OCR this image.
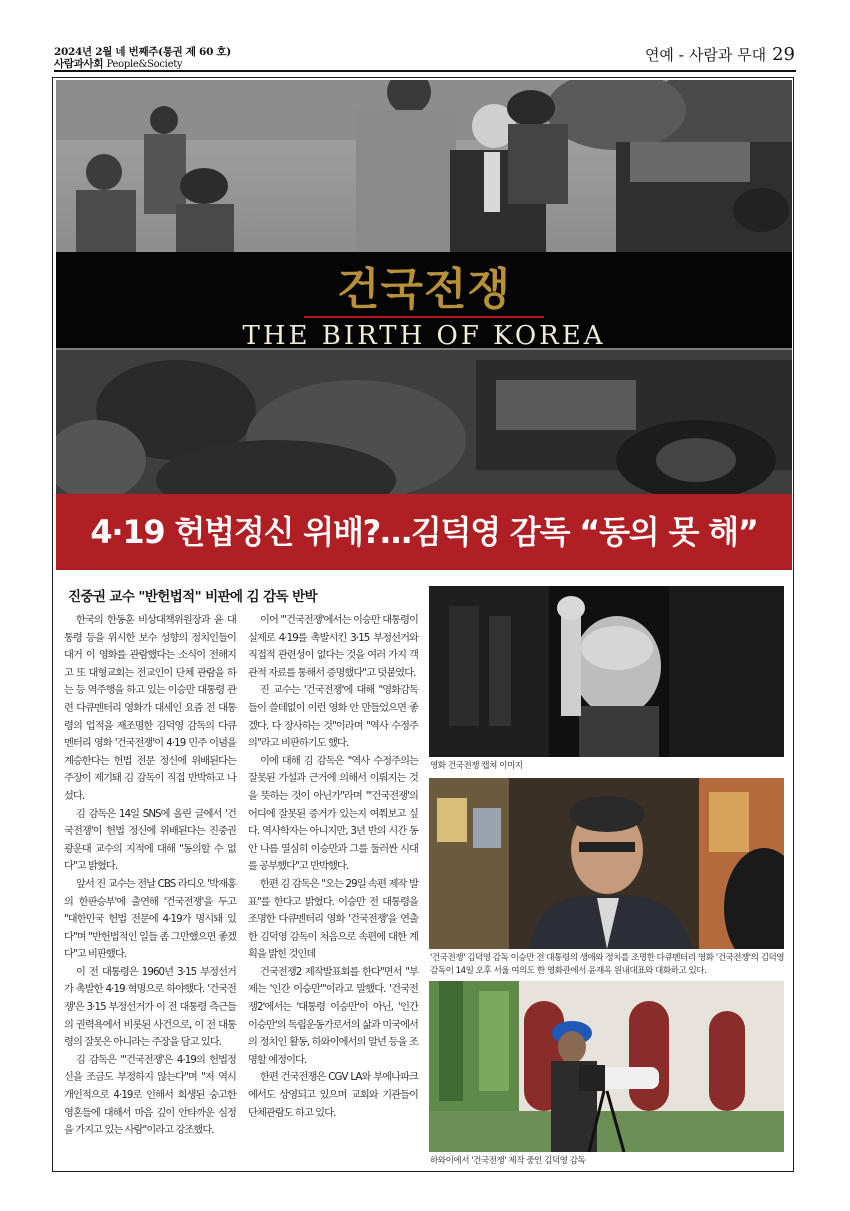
2024년 2월 네 번째주(통권 제 60 호)
사람과사회 People&Society
연예 - 사람과 무대 29
건국전쟁
THE BIRTH OF KOREA
4·19 헌법정신 위배?…김덕영 감독 “동의 못 해”
진중권 교수 "반헌법적" 비판에 김 감독 반박

한국의 한동훈 비상대책위원장과 윤 대통령 등을 위시한 보수 성향의 정치인들이 대거 이 영화를 관람했다는 소식이 전해지고 또 대형교회는 전교인이 단체 관람을 하는 등 역주행을 하고 있는 이승만 대통령 관련 다큐멘터리 영화가 대세인 요즘 전 대통령의 업적을 재조명한 김덕영 감독의 다큐멘터리 영화 '건국전쟁'이 4·19 민주 이념을 계승한다는 헌법 전문 정신에 위배된다는 주장이 제기돼 김 감독이 직접 반박하고 나섰다.

김 감독은 14일 SNS에 올린 글에서 '건국전쟁'이 헌법 정신에 위배된다는 진중권 광운대 교수의 지적에 대해 "동의할 수 없다"고 밝혔다.

앞서 진 교수는 전날 CBS 라디오 '박재홍의 한판승부'에 출연해 '건국전쟁'을 두고 "대한민국 헌법 전문에 4·19가 명시돼 있다"며 "반헌법적인 일들 좀 그만했으면 좋겠다"고 비판했다.

이 전 대통령은 1960년 3·15 부정선거가 촉발한 4·19 혁명으로 하야했다. '건국전쟁'은 3·15 부정선거가 이 전 대통령 측근들의 권력욕에서 비롯된 사건으로, 이 전 대통령의 잘못은 아니라는 주장을 담고 있다.

김 감독은 "'건국전쟁'은 4·19의 헌법정신을 조금도 부정하지 않는다"며 "저 역시 개인적으로 4·19로 인해서 희생된 숭고한 영혼들에 대해서 마음 깊이 안타까운 심정을 가지고 있는 사람"이라고 강조했다.

이어 "'건국전쟁'에서는 이승만 대통령이 실제로 4·19를 촉발시킨 3·15 부정선거와 직접적 관련성이 없다는 것을 여러 가지 객관적 자료를 통해서 증명했다"고 덧붙였다.

진 교수는 '건국전쟁'에 대해 "영화감독들이 쓸데없이 이런 영화 안 만들었으면 좋겠다. 다 장사하는 것"이라며 "역사 수정주의"라고 비판하기도 했다.

이에 대해 김 감독은 "역사 수정주의는 잘못된 가설과 근거에 의해서 이뤄지는 것을 뜻하는 것이 아닌가"라며 "'건국전쟁'의 어디에 잘못된 증거가 있는지 여쭤보고 싶다. 역사학자는 아니지만, 3년 반의 시간 동안 나름 열심히 이승만과 그를 둘러싼 시대를 공부했다"고 반박했다.

한편 김 감독은 "오는 29일 속편 제작 발표"를 한다고 밝혔다. 이승만 전 대통령을 조명한 다큐멘터리 영화 '건국전쟁'을 연출한 김덕영 감독이 처음으로 속편에 대한 계획을 밝힌 것인데

건국전쟁2 제작발표회를 한다"면서 "부제는 '인간 이승만'"이라고 말했다. '건국전쟁2'에서는 '대통령 이승만'이 아닌, '인간 이승만'의 독립운동가로서의 삶과 미국에서의 정치인 활동, 하와이에서의 말년 등을 조명할 예정이다.

한편 건국전쟁은 CGV LA와 부에나파크 에서도 상영되고 있으며 교회와 기관들이 단체관람도 하고 있다.

영화 건국전쟁 캡쳐 이미지
'건국전쟁' 김덕영 감독 이승만 전 대통령의 생애와 정치를 조명한 다큐멘터리 영화 '건국전쟁'의 김덕영 감독이 14일 오후 서울 여의도 한 영화관에서 윤재옥 원내대표와 대화하고 있다.
하와이에서 '건국전쟁' 제작 중인 김덕영 감독
